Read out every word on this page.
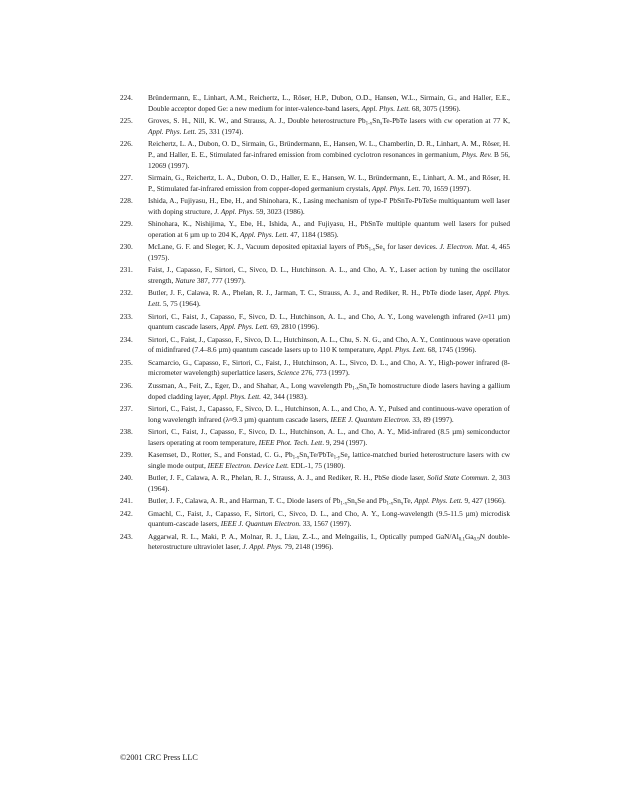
224.	Bründermann, E., Linhart, A.M., Reichertz, L., Röser, H.P., Dubon, O.D., Hansen, W.L., Sirmain, G., and Haller, E.E., Double acceptor doped Ge: a new medium for inter-valence-band lasers, Appl. Phys. Lett. 68, 3075 (1996).
225.	Groves, S. H., Nill, K. W., and Strauss, A. J., Double heterostructure $Pb_{1-x}Sn_xTe$-PbTe lasers with cw operation at 77 K, Appl. Phys. Lett. 25, 331 (1974).
226.	Reichertz, L. A., Dubon, O. D., Sirmain, G., Bründermann, E., Hansen, W. L., Chamberlin, D. R., Linhart, A. M., Röser, H. P., and Haller, E. E., Stimulated far-infrared emission from combined cyclotron resonances in germanium, Phys. Rev. B 56, 12069 (1997).
227.	Sirmain, G., Reichertz, L. A., Dubon, O. D., Haller, E. E., Hansen, W. L., Bründermann, E., Linhart, A. M., and Röser, H. P., Stimulated far-infrared emission from copper-doped germanium crystals, Appl. Phys. Lett. 70, 1659 (1997).
228.	Ishida, A., Fujiyasu, H., Ebe, H., and Shinohara, K., Lasing mechanism of type-I' PbSnTe-PbTeSe multiquantum well laser with doping structure, J. Appl. Phys. 59, 3023 (1986).
229.	Shinohara, K., Nishijima, Y., Ebe, H., Ishida, A., and Fujiyasu, H., PbSnTe multiple quantum well lasers for pulsed operation at 6 µm up to 204 K, Appl. Phys. Lett. 47, 1184 (1985).
230.	McLane, G. F. and Sleger, K. J., Vacuum deposited epitaxial layers of $PbS_{1-x}Se_x$ for laser devices. J. Electron. Mat. 4, 465 (1975).
231.	Faist, J., Capasso, F., Sirtori, C., Sivco, D. L., Hutchinson. A. L., and Cho, A. Y., Laser action by tuning the oscillator strength, Nature 387, 777 (1997).
232.	Butler, J. F., Calawa, R. A., Phelan, R. J., Jarman, T. C., Strauss, A. J., and Rediker, R. H., PbTe diode laser, Appl. Phys. Lett. 5, 75 (1964).
233.	Sirtori, C., Faist, J., Capasso, F., Sivco, D. L., Hutchinson, A. L., and Cho, A. Y., Long wavelength infrared (λ≈11 µm) quantum cascade lasers, Appl. Phys. Lett. 69, 2810 (1996).
234.	Sirtori, C., Faist, J., Capasso, F., Sivco, D. L., Hutchinson, A. L., Chu, S. N. G., and Cho, A. Y., Continuous wave operation of midinfrared (7.4–8.6 µm) quantum cascade lasers up to 110 K temperature, Appl. Phys. Lett. 68, 1745 (1996).
235.	Scamarcio, G., Capasso, F., Sirtori, C., Faist, J., Hutchinson, A. L., Sivco, D. L., and Cho, A. Y., High-power infrared (8-micrometer wavelength) superlattice lasers, Science 276, 773 (1997).
236.	Zussman, A., Feit, Z., Eger, D., and Shahar, A., Long wavelength $Pb_{1-x}Sn_xTe$ homostructure diode lasers having a gallium doped cladding layer, Appl. Phys. Lett. 42, 344 (1983).
237.	Sirtori, C., Faist, J., Capasso, F., Sivco, D. L., Hutchinson, A. L., and Cho, A. Y., Pulsed and continuous-wave operation of long wavelength infrared (λ≈9.3 µm) quantum cascade lasers, IEEE J. Quantum Electron. 33, 89 (1997).
238.	Sirtori, C., Faist, J., Capasso, F., Sivco, D. L., Hutchinson, A. L., and Cho, A. Y., Mid-infrared (8.5 µm) semiconductor lasers operating at room temperature, IEEE Phot. Tech. Lett. 9, 294 (1997).
239.	Kasemset, D., Rotter, S., and Fonstad, C. G., $Pb_{1-x}Sn_xTe/PbTe_{1-y}Se_y$ lattice-matched buried heterostructure lasers with cw single mode output, IEEE Electron. Device Lett. EDL-1, 75 (1980).
240.	Butler, J. F., Calawa, A. R., Phelan, R. J., Strauss, A. J., and Rediker, R. H., PbSe diode laser, Solid State Commun. 2, 303 (1964).
241.	Butler, J. F., Calawa, A. R., and Harman, T. C., Diode lasers of $Pb_{1-x}Sn_xSe$ and $Pb_{1-x}Sn_xTe$, Appl. Phys. Lett. 9, 427 (1966).
242.	Gmachl, C., Faist, J., Capasso, F., Sirtori, C., Sivco, D. L., and Cho, A. Y., Long-wavelength (9.5-11.5 µm) microdisk quantum-cascade lasers, IEEE J. Quantum Electron. 33, 1567 (1997).
243.	Aggarwal, R. L., Maki, P. A., Molnar, R. J., Liau, Z.-L., and Melngailis, I., Optically pumped GaN/$Al_{0.1}Ga_{0.9}N$ double-heterostructure ultraviolet laser, J. Appl. Phys. 79, 2148 (1996).

©2001 CRC Press LLC
